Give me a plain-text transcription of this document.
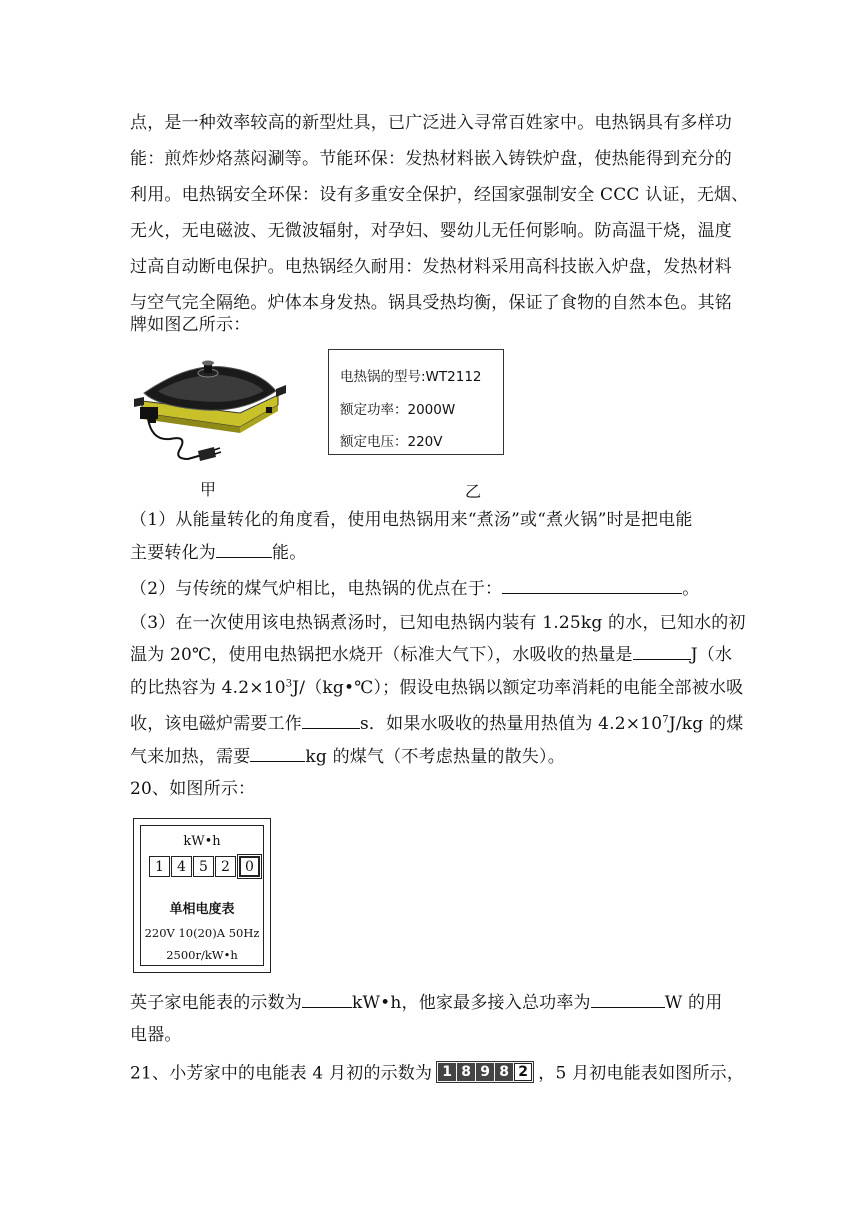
点，是一种效率较高的新型灶具，已广泛进入寻常百姓家中。电热锅具有多样功
能：煎炸炒烙蒸闷涮等。节能环保：发热材料嵌入铸铁炉盘，使热能得到充分的
利用。电热锅安全环保：设有多重安全保护，经国家强制安全 CCC 认证，无烟、
无火，无电磁波、无微波辐射，对孕妇、婴幼儿无任何影响。防高温干烧，温度
过高自动断电保护。电热锅经久耐用：发热材料采用高科技嵌入炉盘，发热材料
与空气完全隔绝。炉体本身发热。锅具受热均衡，保证了食物的自然本色。其铭
牌如图乙所示：
甲
电热锅的型号:WT2112
额定功率：2000W
额定电压：220V
乙
（1）从能量转化的角度看，使用电热锅用来“煮汤”或“煮火锅”时是把电能
主要转化为	能。
（2）与传统的煤气炉相比，电热锅的优点在于：	。
（3）在一次使用该电热锅煮汤时，已知电热锅内装有 1.25kg 的水，已知水的初
温为 20℃，使用电热锅把水烧开（标准大气下），水吸收的热量是	J（水
的比热容为 $4.2\times 10^3J/(kg•℃)$；假设电热锅以额定功率消耗的电能全部被水吸
收，该电磁炉需要工作	s．如果水吸收的热量用热值为 $4.2\times 10^7J/kg$ 的煤
气来加热，需要	kg 的煤气（不考虑热量的散失）。
20、如图所示：
kW•h
1 4 5 2	0
单相电度表
220V 10(20)A 50Hz
2500r/kW•h
英子家电能表的示数为	kW•h，他家最多接入总功率为	W 的用
电器。
21、小芳家中的电能表 4 月初的示数为 1 8 9 8 2 ，5 月初电能表如图所示，
